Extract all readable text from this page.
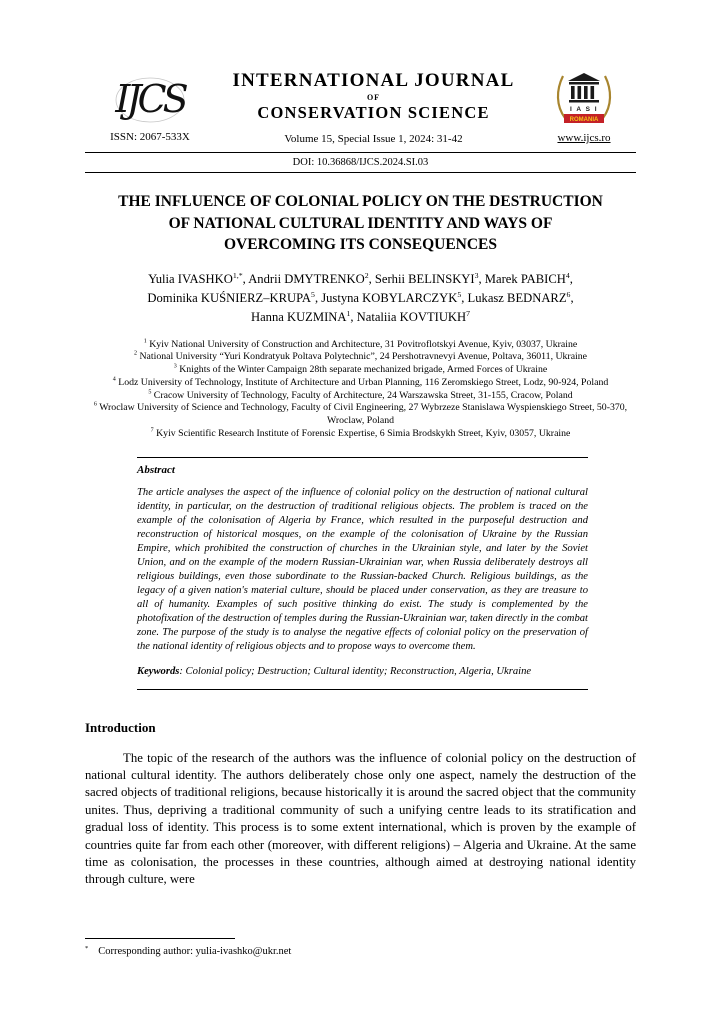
IJCS
ISSN: 2067-533X
INTERNATIONAL JOURNAL
OF
CONSERVATION SCIENCE
Volume 15, Special Issue 1, 2024: 31-42
I A S I
ROMANIA
www.ijcs.ro
DOI: 10.36868/IJCS.2024.SI.03
THE INFLUENCE OF COLONIAL POLICY ON THE DESTRUCTION
OF NATIONAL CULTURAL IDENTITY AND WAYS OF
OVERCOMING ITS CONSEQUENCES
Yulia $IVASHKO^{1,*}$, Andrii DMYTRENKO$^2$, Serhii BELINSKYI$^3$, Marek PABICH$^4$,
Dominika KUŚNIERZ–KRUPA$^5$, Justyna KOBYLARCZYK$^5$, Lukasz BEDNARZ$^6$,
Hanna KUZMINA$^1$, Nataliia KOVTIUKH$^7$
$^1$ Kyiv National University of Construction and Architecture, 31 Povitroflotskyi Avenue, Kyiv, 03037, Ukraine
$^2$ National University “Yuri Kondratyuk Poltava Polytechnic”, 24 Pershotravnevyi Avenue, Poltava, 36011, Ukraine
$^3$ Knights of the Winter Campaign 28th separate mechanized brigade, Armed Forces of Ukraine
$^4$ Lodz University of Technology, Institute of Architecture and Urban Planning, 116 Zeromskiego Street, Lodz, 90-924, Poland
$^5$ Cracow University of Technology, Faculty of Architecture, 24 Warszawska Street, 31-155, Cracow, Poland
$^6$ Wroclaw University of Science and Technology, Faculty of Civil Engineering, 27 Wybrzeze Stanislawa Wyspienskiego Street, 50-370, Wroclaw, Poland
$^7$ Kyiv Scientific Research Institute of Forensic Expertise, 6 Simia Brodskykh Street, Kyiv, 03057, Ukraine
Abstract

The article analyses the aspect of the influence of colonial policy on the destruction of national cultural identity, in particular, on the destruction of traditional religious objects. The problem is traced on the example of the colonisation of Algeria by France, which resulted in the purposeful destruction and reconstruction of historical mosques, on the example of the colonisation of Ukraine by the Russian Empire, which prohibited the construction of churches in the Ukrainian style, and later by the Soviet Union, and on the example of the modern Russian-Ukrainian war, when Russia deliberately destroys all religious buildings, even those subordinate to the Russian-backed Church. Religious buildings, as the legacy of a given nation's material culture, should be placed under conservation, as they are treasure to all of humanity. Examples of such positive thinking do exist. The study is complemented by the photofixation of the destruction of temples during the Russian-Ukrainian war, taken directly in the combat zone. The purpose of the study is to analyse the negative effects of colonial policy on the preservation of the national identity of religious objects and to propose ways to overcome them.

Keywords: Colonial policy; Destruction; Cultural identity; Reconstruction, Algeria, Ukraine

Introduction

The topic of the research of the authors was the influence of colonial policy on the destruction of national cultural identity. The authors deliberately chose only one aspect, namely the destruction of the sacred objects of traditional religions, because historically it is around the sacred object that the community unites. Thus, depriving a traditional community of such a unifying centre leads to its stratification and gradual loss of identity. This process is to some extent international, which is proven by the example of countries quite far from each other (moreover, with different religions) – Algeria and Ukraine. At the same time as colonisation, the processes in these countries, although aimed at destroying national identity through culture, were

* Corresponding author: yulia-ivashko@ukr.net
